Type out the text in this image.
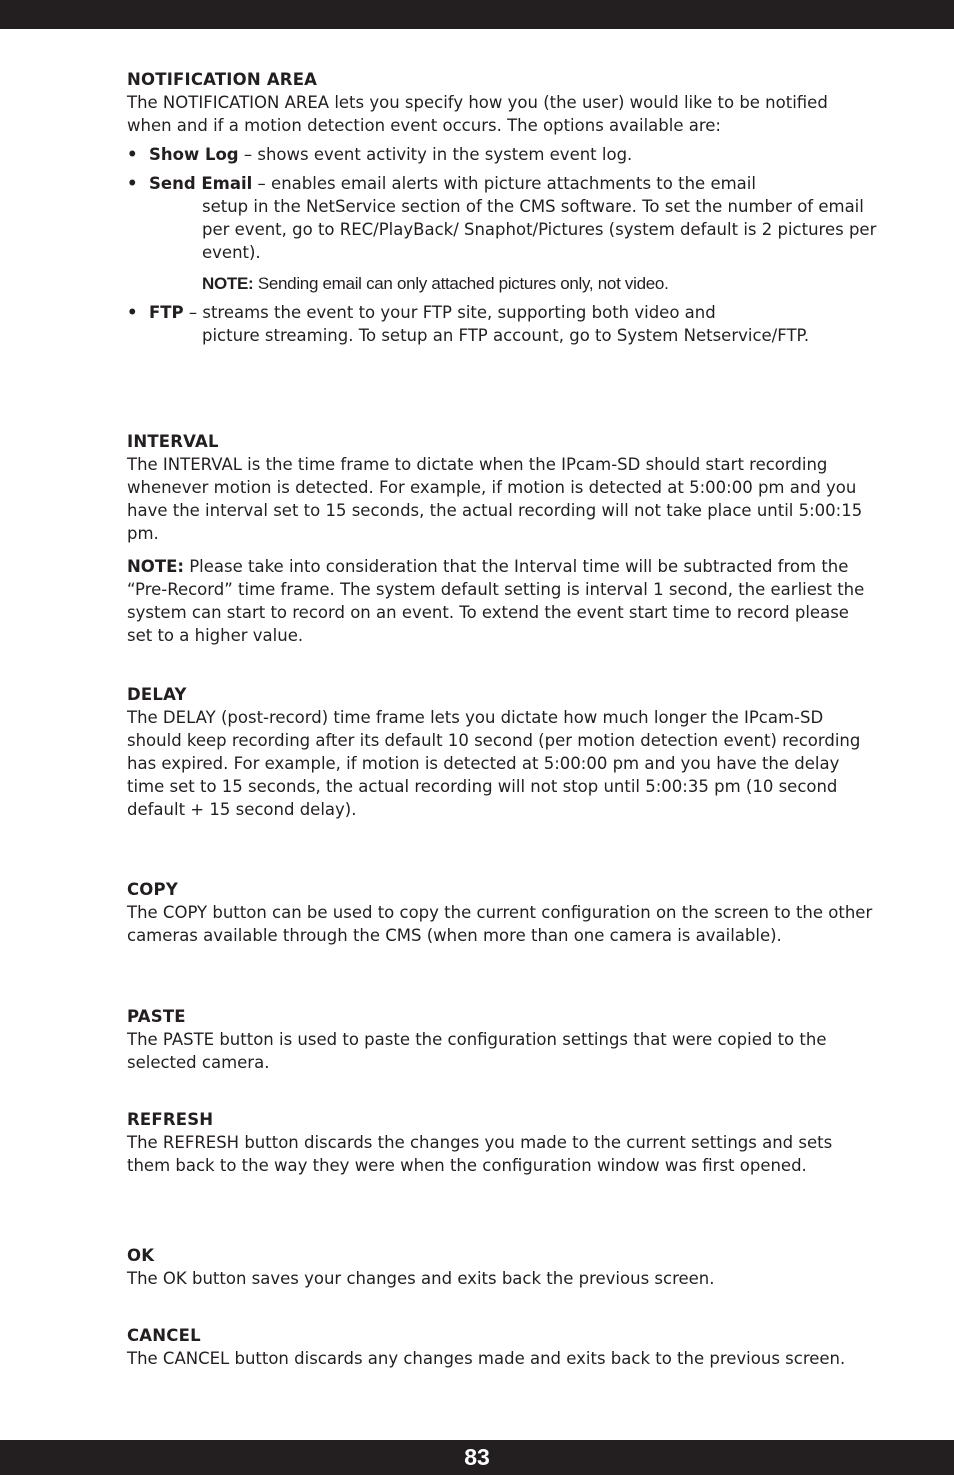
NOTIFICATION AREA

The NOTIFICATION AREA lets you specify how you (the user) would like to be notified when and if a motion detection event occurs. The options available are:

• Show Log – shows event activity in the system event log.
• Send Email – enables email alerts with picture attachments to the email
setup in the NetService section of the CMS software. To set the number of email per event, go to REC/PlayBack/ Snaphot/Pictures (system default is 2 pictures per event).
NOTE: Sending email can only attached pictures only, not video.
• FTP – streams the event to your FTP site, supporting both video and
picture streaming. To setup an FTP account, go to System Netservice/FTP.
INTERVAL

The INTERVAL is the time frame to dictate when the IPcam-SD should start recording whenever motion is detected. For example, if motion is detected at 5:00:00 pm and you have the interval set to 15 seconds, the actual recording will not take place until 5:00:15 pm.

NOTE: Please take into consideration that the Interval time will be subtracted from the “Pre-Record” time frame. The system default setting is interval 1 second, the earliest the system can start to record on an event. To extend the event start time to record please set to a higher value.

DELAY

The DELAY (post-record) time frame lets you dictate how much longer the IPcam-SD should keep recording after its default 10 second (per motion detection event) recording has expired. For example, if motion is detected at 5:00:00 pm and you have the delay time set to 15 seconds, the actual recording will not stop until 5:00:35 pm (10 second default + 15 second delay).

COPY

The COPY button can be used to copy the current configuration on the screen to the other cameras available through the CMS (when more than one camera is available).

PASTE

The PASTE button is used to paste the configuration settings that were copied to the selected camera.

REFRESH

The REFRESH button discards the changes you made to the current settings and sets them back to the way they were when the configuration window was first opened.

OK

The OK button saves your changes and exits back the previous screen.

CANCEL

The CANCEL button discards any changes made and exits back to the previous screen.

83
